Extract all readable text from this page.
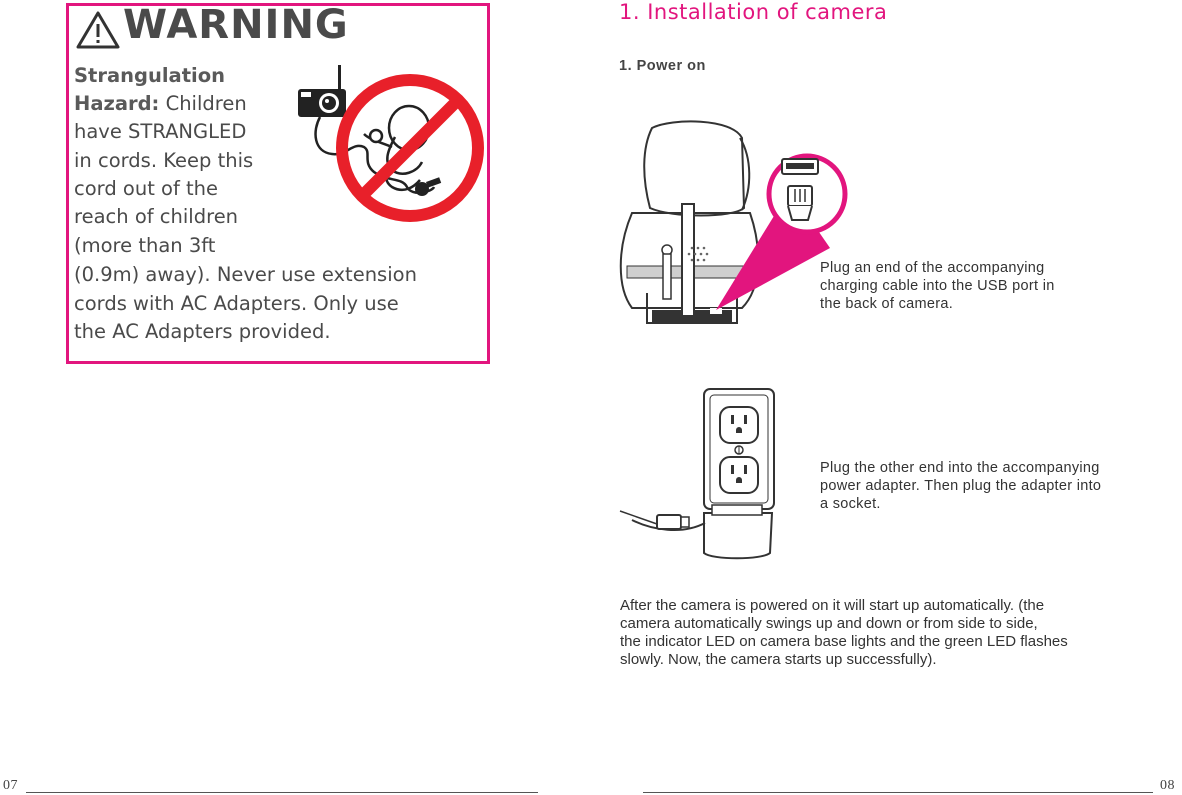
WARNING
Strangulation
Hazard: Children
have STRANGLED
in cords. Keep this
cord out of the
reach of children
(more than 3ft
(0.9m) away). Never use extension
cords with AC Adapters. Only use
the AC Adapters provided.
07
1. Installation of camera
1. Power on
Plug an end of the accompanying
charging cable into the USB port in
the back of camera.
Plug the other end into the accompanying
power adapter. Then plug the adapter into
a socket.
After the camera is powered on it will start up automatically. (the
camera automatically swings up and down or from side to side,
the indicator LED on camera base lights and the green LED flashes
slowly. Now, the camera starts up successfully).
08
